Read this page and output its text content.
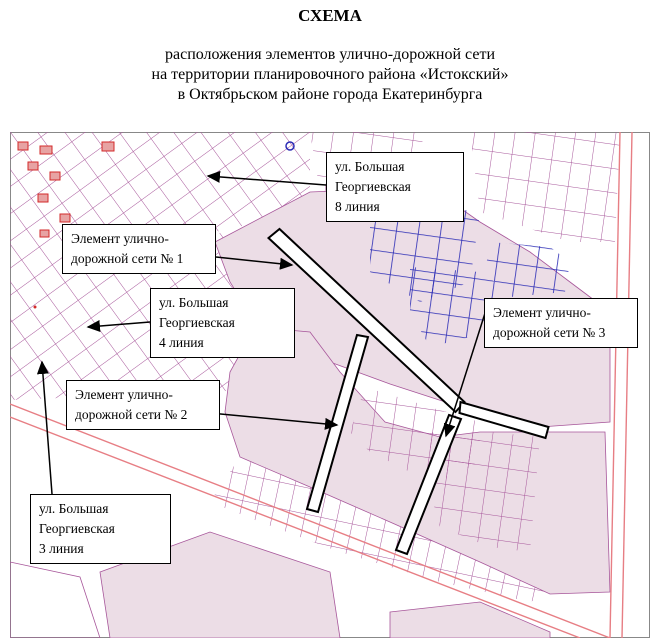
СХЕМА
расположения элементов улично-дорожной сети
на территории планировочного района «Истокский»
в Октябрьском районе города Екатеринбурга
ул. Большая
Георгиевская
8 линия
Элемент улично-
дорожной сети № 1
ул. Большая
Георгиевская
4 линия
Элемент улично-
дорожной сети № 3
Элемент улично-
дорожной сети № 2
ул. Большая
Георгиевская
3 линия
